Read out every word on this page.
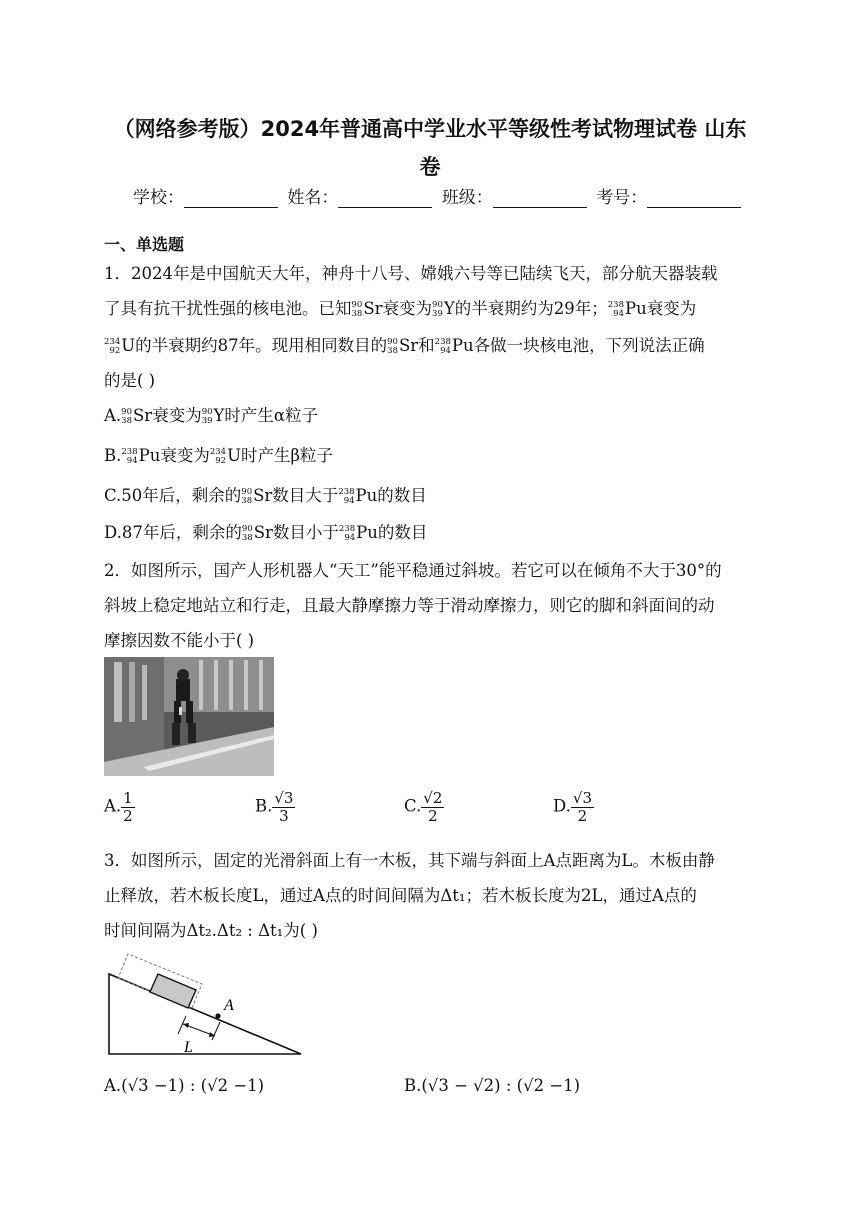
（网络参考版）2024年普通高中学业水平等级性考试物理试卷 山东
卷
学校：	姓名：	班级：	考号：
一、单选题
1．2024年是中国航天大年，神舟十八号、嫦娥六号等已陆续飞天，部分航天器装载
了具有抗干扰性强的核电池。已知 90
38 Sr衰变为 90
39 Y的半衰期约为29年； 238
94 Pu衰变为
234
92 U的半衰期约87年。现用相同数目的 90
38 Sr和 238
94 Pu各做一块核电池，下列说法正确
的是( )
A. 90
38 Sr衰变为 90
39 Y时产生α粒子
B. 238
94 Pu衰变为 234
92 U时产生β粒子
C.50年后，剩余的 90
38 Sr数目大于 238
94 Pu的数目
D.87年后，剩余的 90
38 Sr数目小于 238
94 Pu的数目
2．如图所示，国产人形机器人“天工”能平稳通过斜坡。若它可以在倾角不大于30°的
斜坡上稳定地站立和行走，且最大静摩擦力等于滑动摩擦力，则它的脚和斜面间的动
摩擦因数不能小于( )
A. $\frac{1}{2}$	B. $\frac{√3}{3}$	C. $\frac{√2}{2}$	D. $\frac{√3}{2}$
3．如图所示，固定的光滑斜面上有一木板，其下端与斜面上A点距离为L。木板由静
止释放，若木板长度L，通过A点的时间间隔为Δt₁；若木板长度为2L，通过A点的
时间间隔为Δt₂.Δt₂ : Δt₁为( )
A
L
A.(√3 −1) : (√2 −1)	B.(√3 − √2) : (√2 −1)
